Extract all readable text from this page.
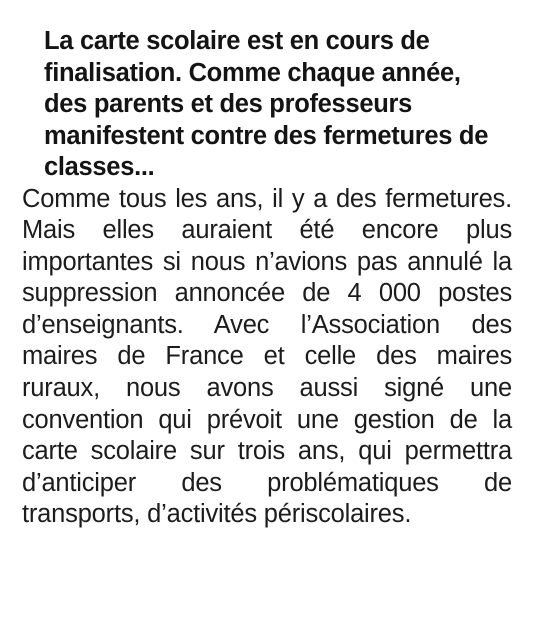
La carte scolaire est en cours de finalisation. Comme chaque année, des parents et des professeurs manifestent contre des fermetures de classes...

Comme tous les ans, il y a des fermetures. Mais elles auraient été encore plus importantes si nous n’avions pas annulé la suppression annoncée de 4 000 postes d’enseignants. Avec l’Association des maires de France et celle des maires ruraux, nous avons aussi signé une convention qui prévoit une gestion de la carte scolaire sur trois ans, qui permettra d’anticiper des problématiques de transports, d’activités périscolaires.
